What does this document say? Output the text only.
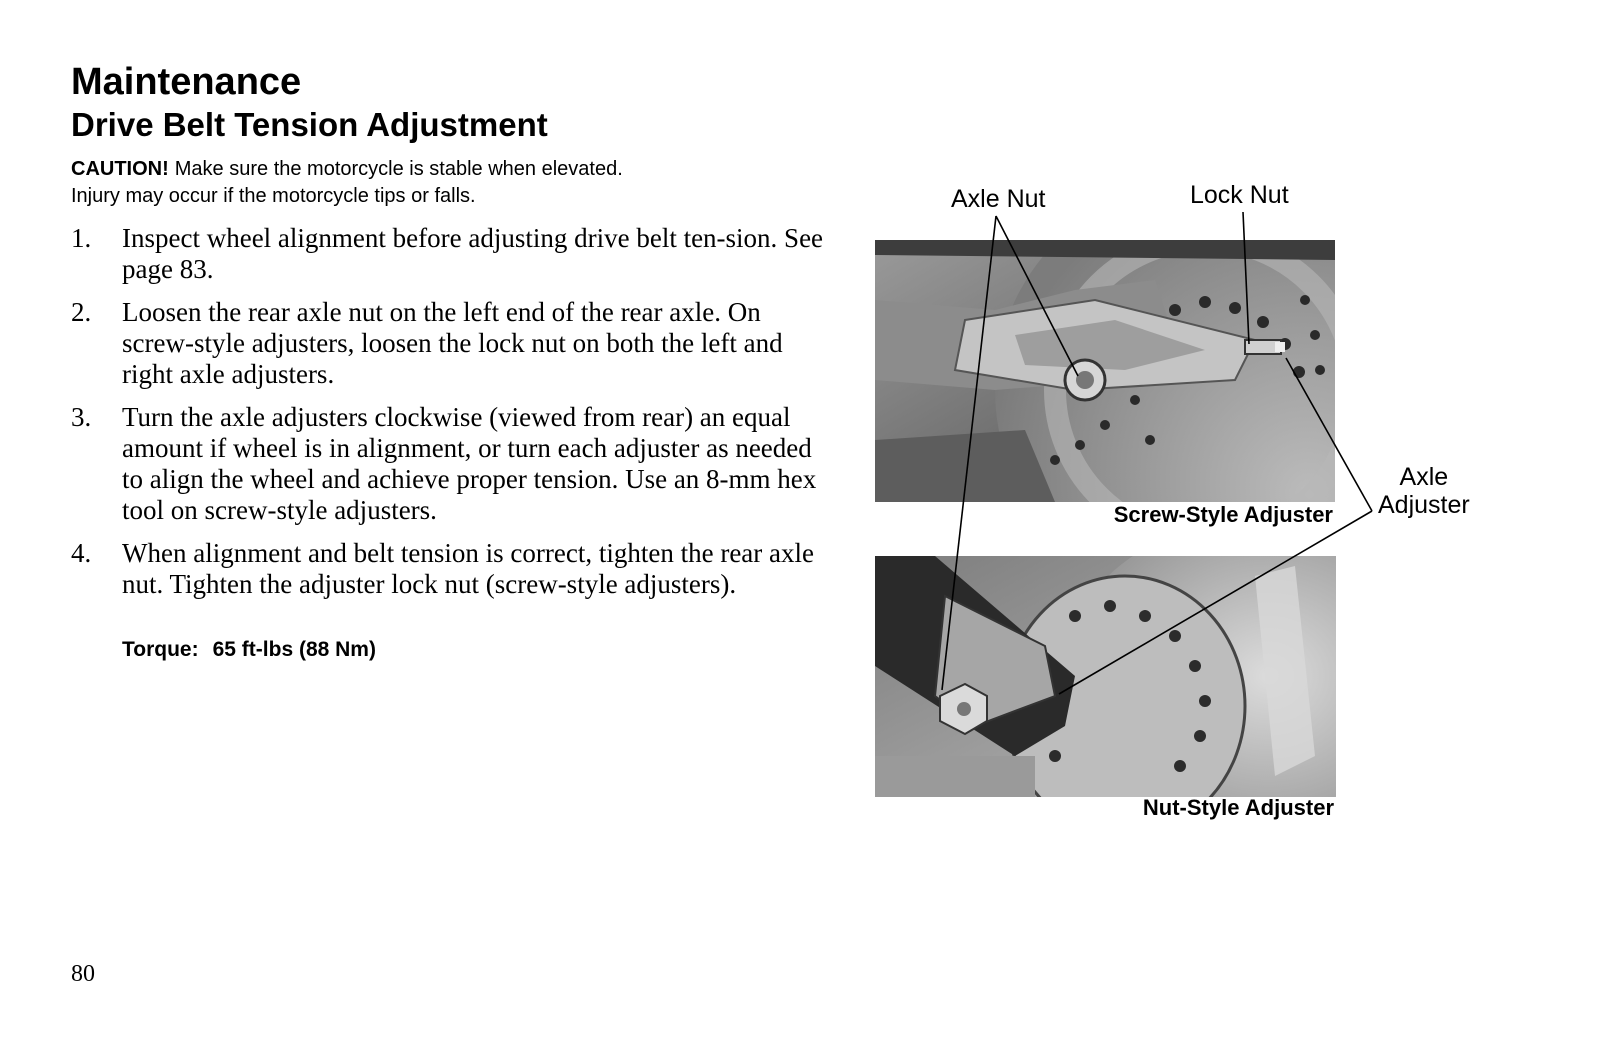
Maintenance
Drive Belt Tension Adjustment
CAUTION! Make sure the motorcycle is stable when elevated.
Injury may occur if the motorcycle tips or falls.
1. Inspect wheel alignment before adjusting drive belt ten-sion. See page 83.
2. Loosen the rear axle nut on the left end of the rear axle. On screw-style adjusters, loosen the lock nut on both the left and right axle adjusters.
3. Turn the axle adjusters clockwise (viewed from rear) an equal amount if wheel is in alignment, or turn each adjuster as needed to align the wheel and achieve proper tension. Use an 8-mm hex tool on screw-style adjusters.
4. When alignment and belt tension is correct, tighten the rear axle nut. Tighten the adjuster lock nut (screw-style adjusters).
Torque: 65 ft-lbs (88 Nm)
Screw-Style Adjuster
Nut-Style Adjuster
Axle Nut	Lock Nut
Axle
Adjuster
80
